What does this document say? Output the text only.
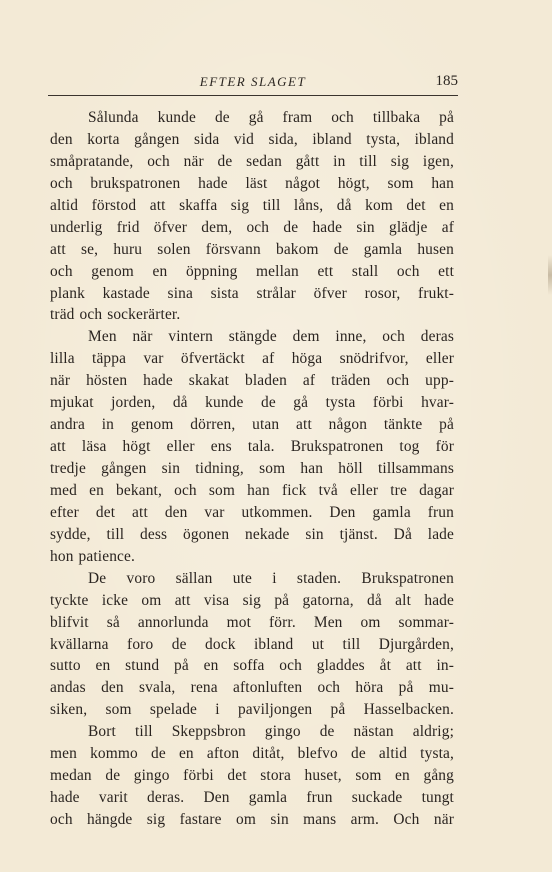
EFTER SLAGET	185
Sålunda kunde de gå fram och tillbaka på
den korta gången sida vid sida, ibland tysta, ibland
småpratande, och när de sedan gått in till sig igen,
och brukspatronen hade läst något högt, som han
altid förstod att skaffa sig till låns, då kom det en
underlig frid öfver dem, och de hade sin glädje af
att se, huru solen försvann bakom de gamla husen
och genom en öppning mellan ett stall och ett
plank kastade sina sista strålar öfver rosor, frukt-
träd och sockerärter.
Men när vintern stängde dem inne, och deras
lilla täppa var öfvertäckt af höga snödrifvor, eller
när hösten hade skakat bladen af träden och upp-
mjukat jorden, då kunde de gå tysta förbi hvar-
andra in genom dörren, utan att någon tänkte på
att läsa högt eller ens tala. Brukspatronen tog för
tredje gången sin tidning, som han höll tillsammans
med en bekant, och som han fick två eller tre dagar
efter det att den var utkommen. Den gamla frun
sydde, till dess ögonen nekade sin tjänst. Då lade
hon patience.
De voro sällan ute i staden. Brukspatronen
tyckte icke om att visa sig på gatorna, då alt hade
blifvit så annorlunda mot förr. Men om sommar-
kvällarna foro de dock ibland ut till Djurgården,
sutto en stund på en soffa och gladdes åt att in-
andas den svala, rena aftonluften och höra på mu-
siken, som spelade i paviljongen på Hasselbacken.
Bort till Skeppsbron gingo de nästan aldrig;
men kommo de en afton ditåt, blefvo de altid tysta,
medan de gingo förbi det stora huset, som en gång
hade varit deras. Den gamla frun suckade tungt
och hängde sig fastare om sin mans arm. Och när
